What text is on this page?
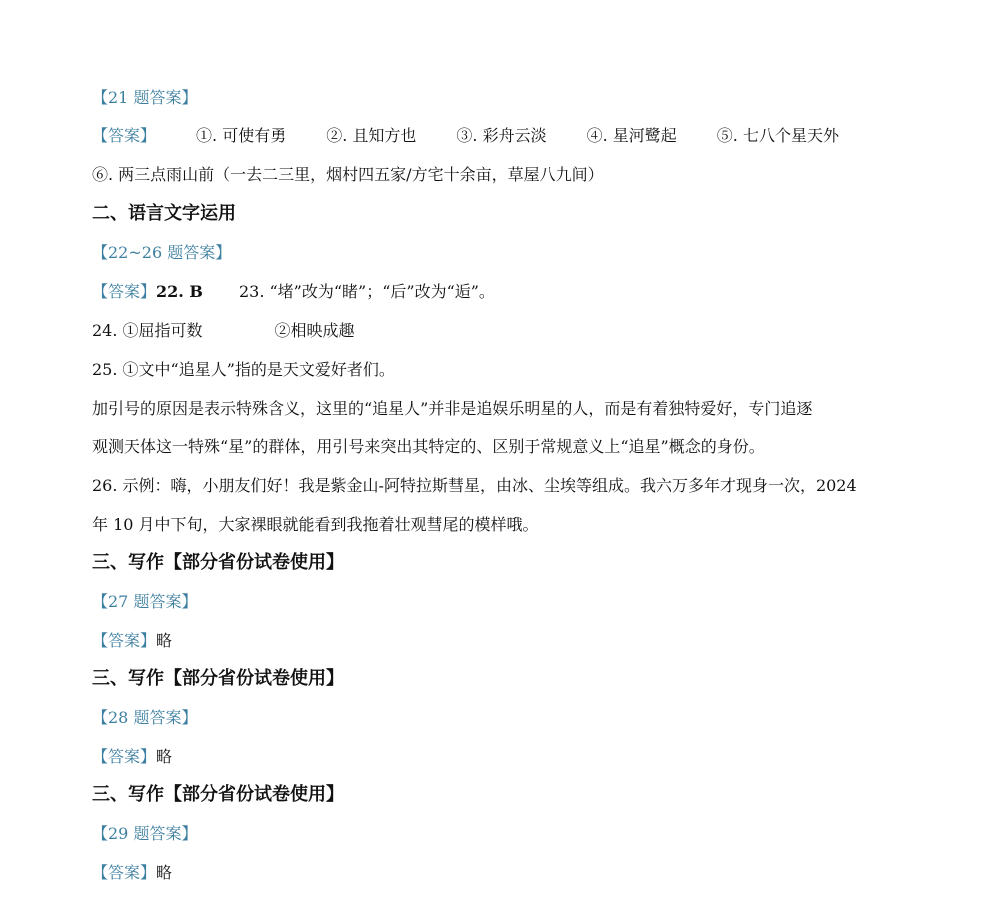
【21 题答案】
【答案】	①. 可使有勇	②. 且知方也	③. 彩舟云淡	④. 星河鹭起	⑤. 七八个星天外
⑥. 两三点雨山前（一去二三里，烟村四五家/方宅十余亩，草屋八九间）
二、语言文字运用
【22~26 题答案】
【答案】22. B 23. “堵”改为“睹”；“后”改为“逅”。
24. ①屈指可数	②相映成趣
25. ①文中“追星人”指的是天文爱好者们。
加引号的原因是表示特殊含义，这里的“追星人”并非是追娱乐明星的人，而是有着独特爱好，专门追逐
观测天体这一特殊“星”的群体，用引号来突出其特定的、区别于常规意义上“追星”概念的身份。
26. 示例：嗨，小朋友们好！我是紫金山-阿特拉斯彗星，由冰、尘埃等组成。我六万多年才现身一次，2024
年 10 月中下旬，大家裸眼就能看到我拖着壮观彗尾的模样哦。
三、写作【部分省份试卷使用】
【27 题答案】
【答案】略
三、写作【部分省份试卷使用】
【28 题答案】
【答案】略
三、写作【部分省份试卷使用】
【29 题答案】
【答案】略
